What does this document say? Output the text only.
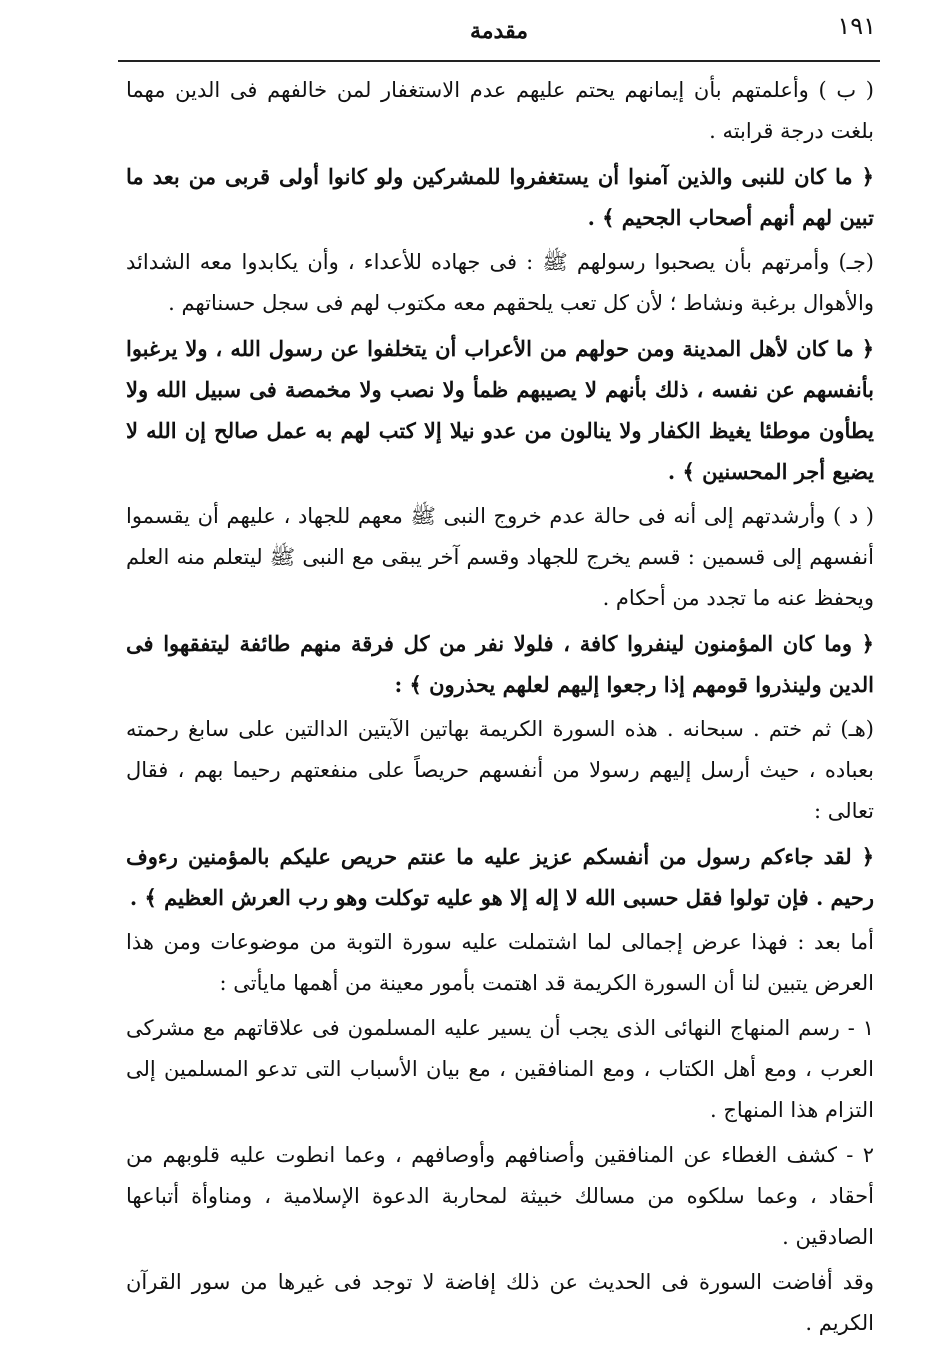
١٩١
مقدمة

( ب ) وأعلمتهم بأن إيمانهم يحتم عليهم عدم الاستغفار لمن خالفهم فى الدين مهما بلغت درجة قرابته .

﴿ ما كان للنبى والذين آمنوا أن يستغفروا للمشركين ولو كانوا أولى قربى من بعد ما تبين لهم أنهم أصحاب الجحيم ﴾ .

(جـ) وأمرتهم بأن يصحبوا رسولهم ﷺ : فى جهاده للأعداء ، وأن يكابدوا معه الشدائد والأهوال برغبة ونشاط ؛ لأن كل تعب يلحقهم معه مكتوب لهم فى سجل حسناتهم .

﴿ ما كان لأهل المدينة ومن حولهم من الأعراب أن يتخلفوا عن رسول الله ، ولا يرغبوا بأنفسهم عن نفسه ، ذلك بأنهم لا يصيبهم ظمأ ولا نصب ولا مخمصة فى سبيل الله ولا يطأون موطئا يغيظ الكفار ولا ينالون من عدو نيلا إلا كتب لهم به عمل صالح إن الله لا يضيع أجر المحسنين ﴾ .

( د ) وأرشدتهم إلى أنه فى حالة عدم خروج النبى ﷺ معهم للجهاد ، عليهم أن يقسموا أنفسهم إلى قسمين : قسم يخرج للجهاد وقسم آخر يبقى مع النبى ﷺ ليتعلم منه العلم ويحفظ عنه ما تجدد من أحكام .

﴿ وما كان المؤمنون لينفروا كافة ، فلولا نفر من كل فرقة منهم طائفة ليتفقهوا فى الدين ولينذروا قومهم إذا رجعوا إليهم لعلهم يحذرون ﴾ :

(هـ) ثم ختم . سبحانه . هذه السورة الكريمة بهاتين الآيتين الدالتين على سابغ رحمته بعباده ، حيث أرسل إليهم رسولا من أنفسهم حريصاً على منفعتهم رحيما بهم ، فقال تعالى :

﴿ لقد جاءكم رسول من أنفسكم عزيز عليه ما عنتم حريص عليكم بالمؤمنين رءوف رحيم . فإن تولوا فقل حسبى الله لا إله إلا هو عليه توكلت وهو رب العرش العظيم ﴾ .

أما بعد : فهذا عرض إجمالى لما اشتملت عليه سورة التوبة من موضوعات ومن هذا العرض يتبين لنا أن السورة الكريمة قد اهتمت بأمور معينة من أهمها مايأتى :

١ - رسم المنهاج النهائى الذى يجب أن يسير عليه المسلمون فى علاقاتهم مع مشركى العرب ، ومع أهل الكتاب ، ومع المنافقين ، مع بيان الأسباب التى تدعو المسلمين إلى التزام هذا المنهاج .

٢ - كشف الغطاء عن المنافقين وأصنافهم وأوصافهم ، وعما انطوت عليه قلوبهم من أحقاد ، وعما سلكوه من مسالك خبيثة لمحاربة الدعوة الإسلامية ، ومناوأة أتباعها الصادقين .

وقد أفاضت السورة فى الحديث عن ذلك إفاضة لا توجد فى غيرها من سور القرآن الكريم .
